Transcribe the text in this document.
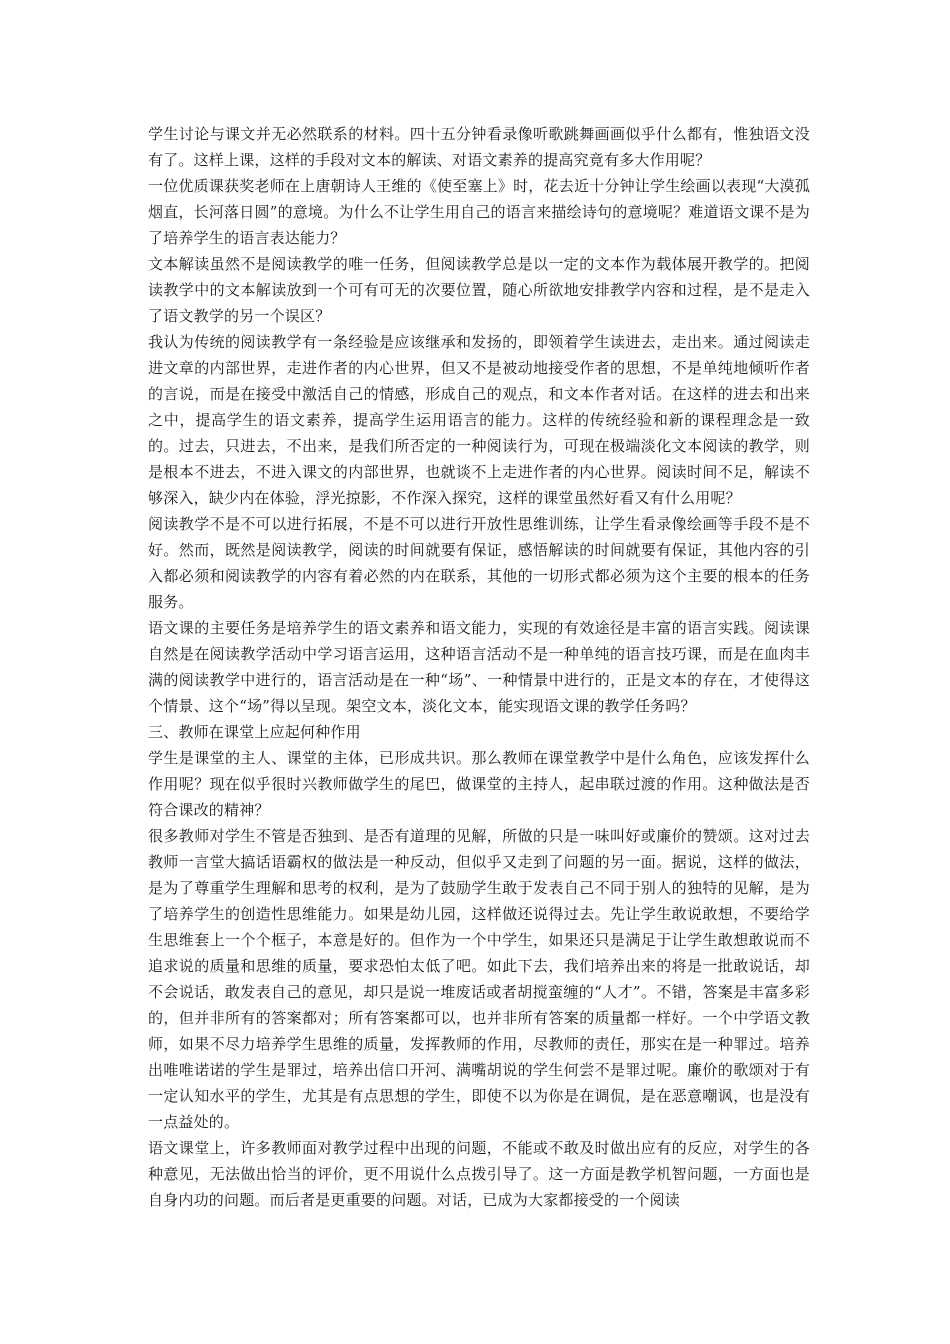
学生讨论与课文并无必然联系的材料。四十五分钟看录像听歌跳舞画画似乎什么都有，惟独语文没有了。这样上课，这样的手段对文本的解读、对语文素养的提高究竟有多大作用呢？

一位优质课获奖老师在上唐朝诗人王维的《使至塞上》时，花去近十分钟让学生绘画以表现“大漠孤烟直，长河落日圆”的意境。为什么不让学生用自己的语言来描绘诗句的意境呢？难道语文课不是为了培养学生的语言表达能力？

文本解读虽然不是阅读教学的唯一任务，但阅读教学总是以一定的文本作为载体展开教学的。把阅读教学中的文本解读放到一个可有可无的次要位置，随心所欲地安排教学内容和过程，是不是走入了语文教学的另一个误区？

我认为传统的阅读教学有一条经验是应该继承和发扬的，即领着学生读进去，走出来。通过阅读走进文章的内部世界，走进作者的内心世界，但又不是被动地接受作者的思想，不是单纯地倾听作者的言说，而是在接受中激活自己的情感，形成自己的观点，和文本作者对话。在这样的进去和出来之中，提高学生的语文素养，提高学生运用语言的能力。这样的传统经验和新的课程理念是一致的。过去，只进去，不出来，是我们所否定的一种阅读行为，可现在极端淡化文本阅读的教学，则是根本不进去，不进入课文的内部世界，也就谈不上走进作者的内心世界。阅读时间不足，解读不够深入，缺少内在体验，浮光掠影，不作深入探究，这样的课堂虽然好看又有什么用呢？

阅读教学不是不可以进行拓展，不是不可以进行开放性思维训练，让学生看录像绘画等手段不是不好。然而，既然是阅读教学，阅读的时间就要有保证，感悟解读的时间就要有保证，其他内容的引入都必须和阅读教学的内容有着必然的内在联系，其他的一切形式都必须为这个主要的根本的任务服务。

语文课的主要任务是培养学生的语文素养和语文能力，实现的有效途径是丰富的语言实践。阅读课自然是在阅读教学活动中学习语言运用，这种语言活动不是一种单纯的语言技巧课，而是在血肉丰满的阅读教学中进行的，语言活动是在一种“场”、一种情景中进行的，正是文本的存在，才使得这个情景、这个“场”得以呈现。架空文本，淡化文本，能实现语文课的教学任务吗？

三、教师在课堂上应起何种作用

学生是课堂的主人、课堂的主体，已形成共识。那么教师在课堂教学中是什么角色，应该发挥什么作用呢？现在似乎很时兴教师做学生的尾巴，做课堂的主持人，起串联过渡的作用。这种做法是否符合课改的精神？

很多教师对学生不管是否独到、是否有道理的见解，所做的只是一味叫好或廉价的赞颂。这对过去教师一言堂大搞话语霸权的做法是一种反动，但似乎又走到了问题的另一面。据说，这样的做法，是为了尊重学生理解和思考的权利，是为了鼓励学生敢于发表自己不同于别人的独特的见解，是为了培养学生的创造性思维能力。如果是幼儿园，这样做还说得过去。先让学生敢说敢想，不要给学生思维套上一个个框子，本意是好的。但作为一个中学生，如果还只是满足于让学生敢想敢说而不追求说的质量和思维的质量，要求恐怕太低了吧。如此下去，我们培养出来的将是一批敢说话，却不会说话，敢发表自己的意见，却只是说一堆废话或者胡搅蛮缠的“人才”。不错，答案是丰富多彩的，但并非所有的答案都对；所有答案都可以，也并非所有答案的质量都一样好。一个中学语文教师，如果不尽力培养学生思维的质量，发挥教师的作用，尽教师的责任，那实在是一种罪过。培养出唯唯诺诺的学生是罪过，培养出信口开河、满嘴胡说的学生何尝不是罪过呢。廉价的歌颂对于有一定认知水平的学生，尤其是有点思想的学生，即使不以为你是在调侃，是在恶意嘲讽，也是没有一点益处的。

语文课堂上，许多教师面对教学过程中出现的问题，不能或不敢及时做出应有的反应，对学生的各种意见，无法做出恰当的评价，更不用说什么点拨引导了。这一方面是教学机智问题，一方面也是自身内功的问题。而后者是更重要的问题。对话，已成为大家都接受的一个阅读
